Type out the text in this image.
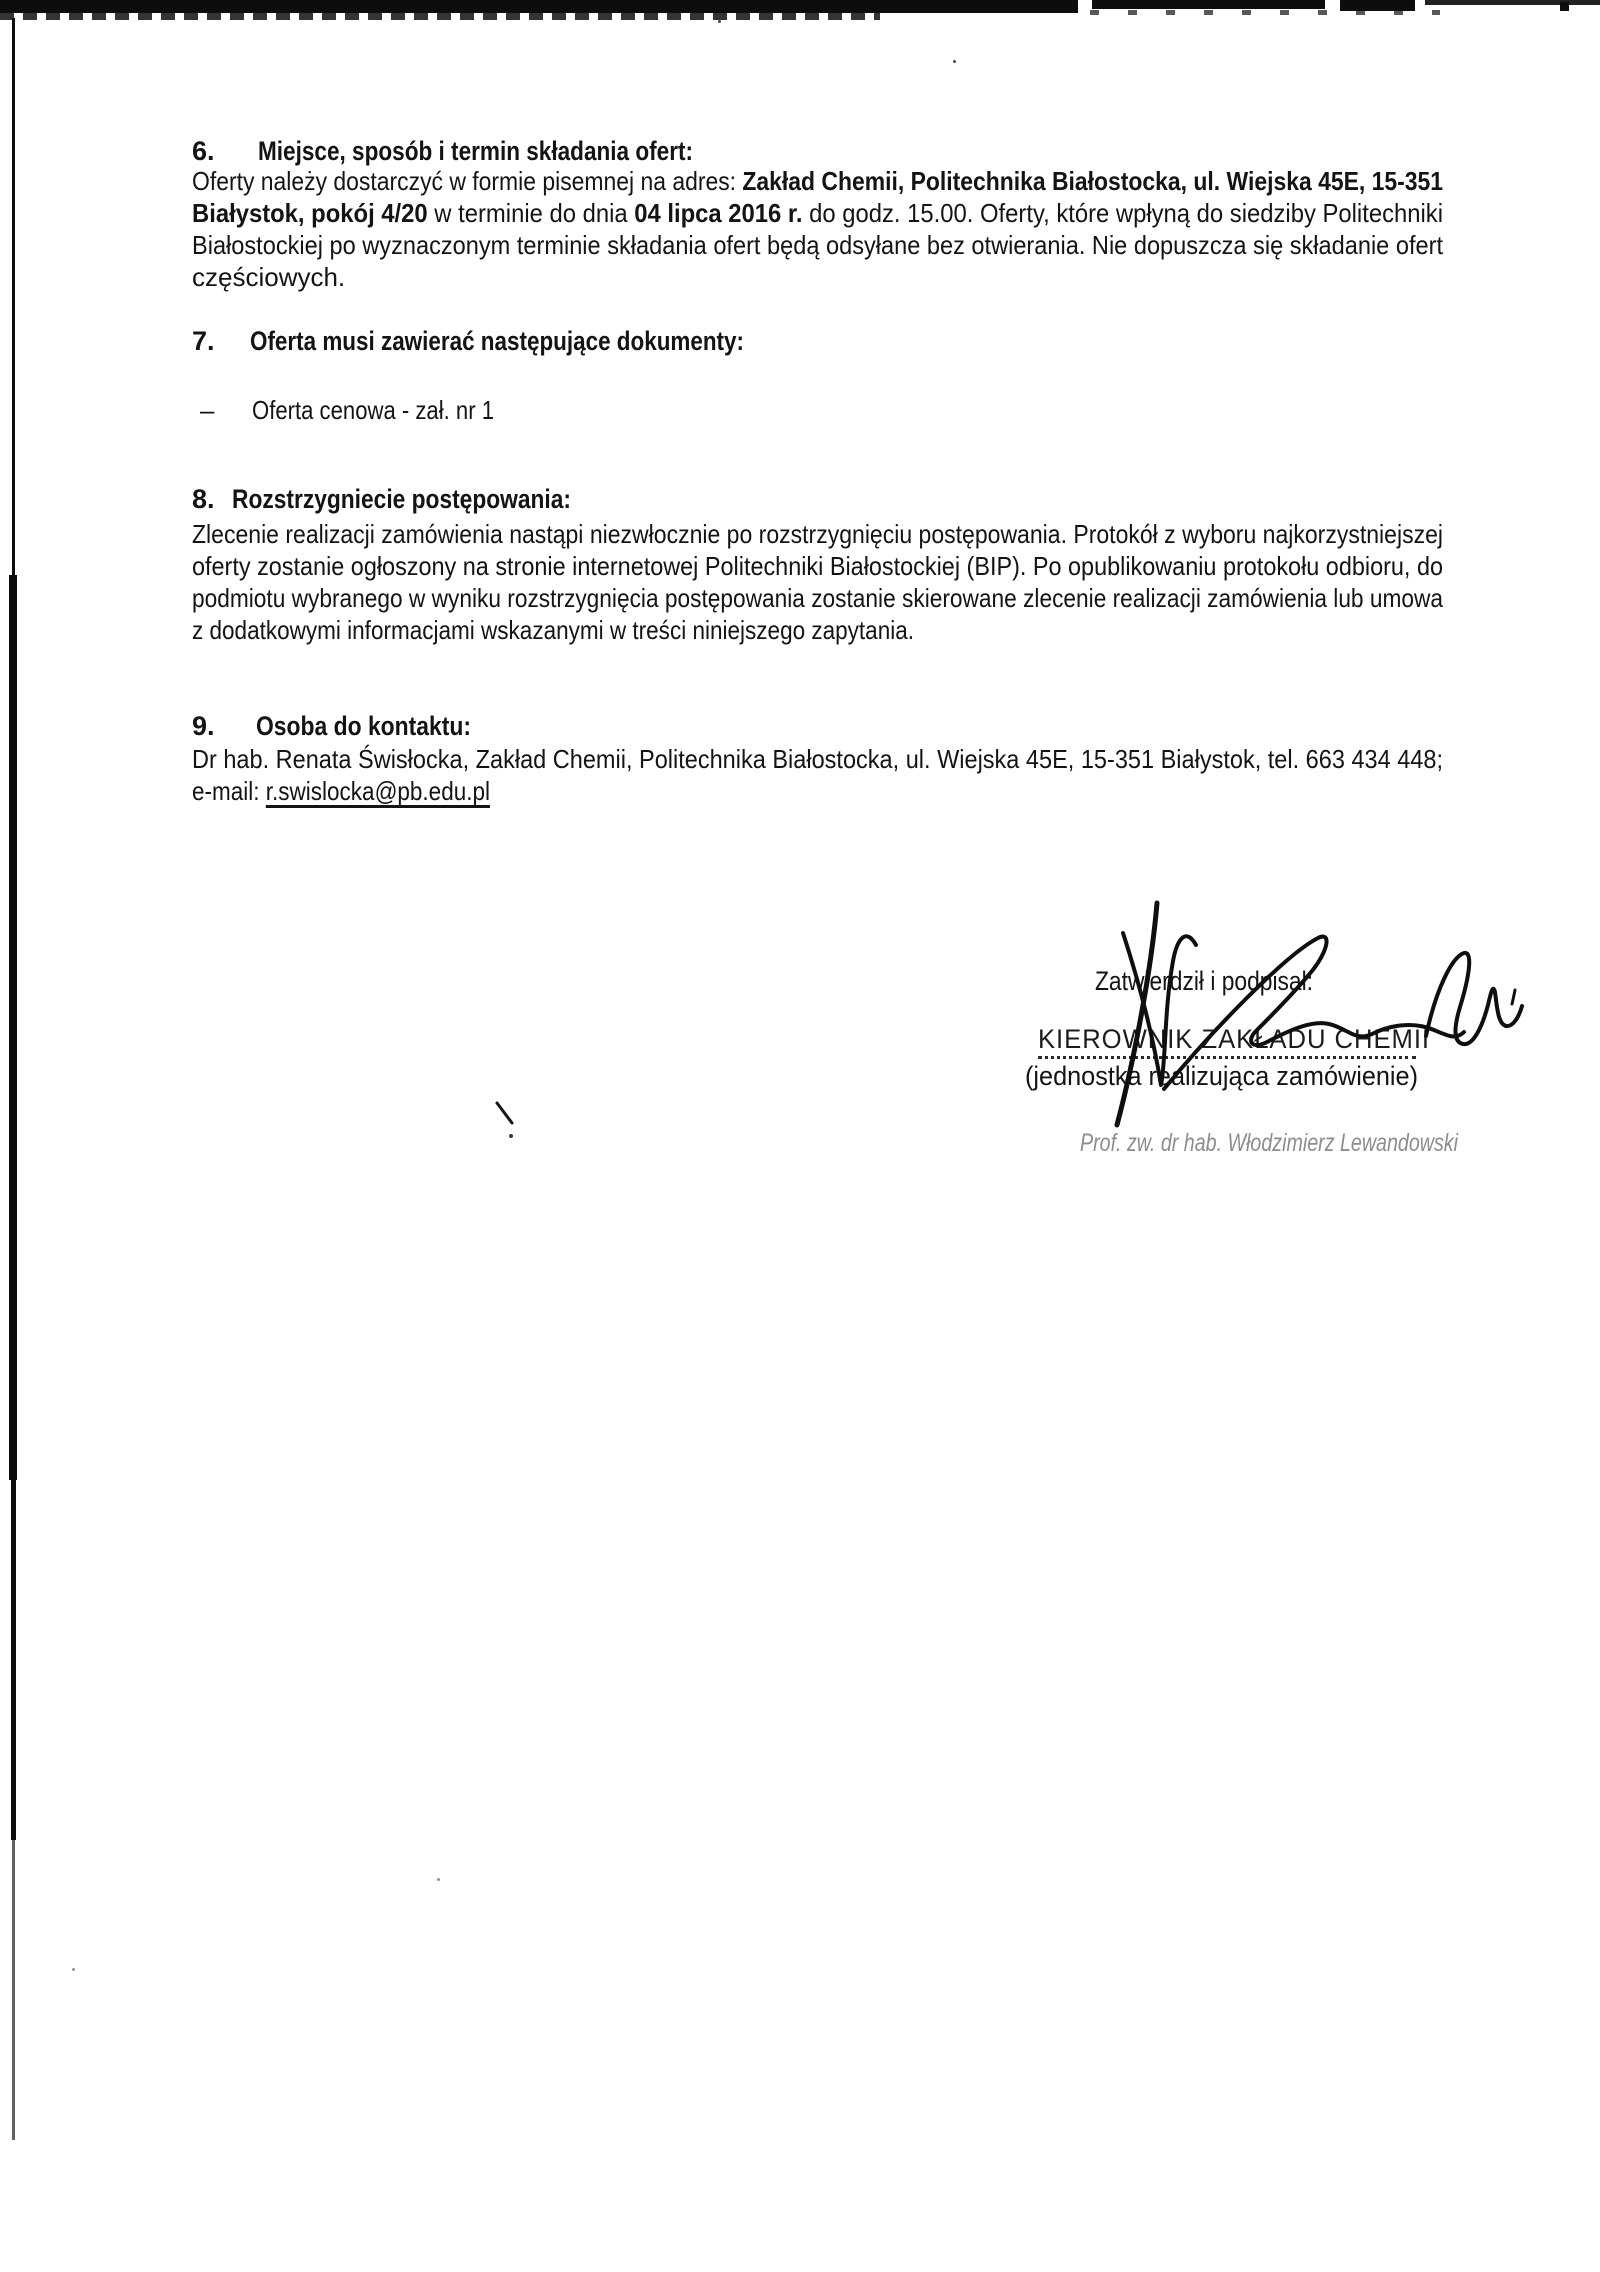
6. Miejsce, sposób i termin składania ofert:
Oferty należy dostarczyć w formie pisemnej na adres: Zakład Chemii, Politechnika Białostocka, ul. Wiejska 45E, 15-351
Białystok, pokój 4/20 w terminie do dnia 04 lipca 2016 r. do godz. 15.00. Oferty, które wpłyną do siedziby Politechniki
Białostockiej po wyznaczonym terminie składania ofert będą odsyłane bez otwierania. Nie dopuszcza się składanie ofert
częściowych.
7. Oferta musi zawierać następujące dokumenty:
– Oferta cenowa - zał. nr 1
8. Rozstrzygniecie postępowania:
Zlecenie realizacji zamówienia nastąpi niezwłocznie po rozstrzygnięciu postępowania. Protokół z wyboru najkorzystniejszej
oferty zostanie ogłoszony na stronie internetowej Politechniki Białostockiej (BIP). Po opublikowaniu protokołu odbioru, do
podmiotu wybranego w wyniku rozstrzygnięcia postępowania zostanie skierowane zlecenie realizacji zamówienia lub umowa
z dodatkowymi informacjami wskazanymi w treści niniejszego zapytania.
9. Osoba do kontaktu:
Dr hab. Renata Świsłocka, Zakład Chemii, Politechnika Białostocka, ul. Wiejska 45E, 15-351 Białystok, tel. 663 434 448;
e-mail: r.swislocka@pb.edu.pl
Zatwierdził i podpisał:
KIEROWNIK ZAKŁADU CHEMII
(jednostka realizująca zamówienie)
Prof. zw. dr hab. Włodzimierz Lewandowski
